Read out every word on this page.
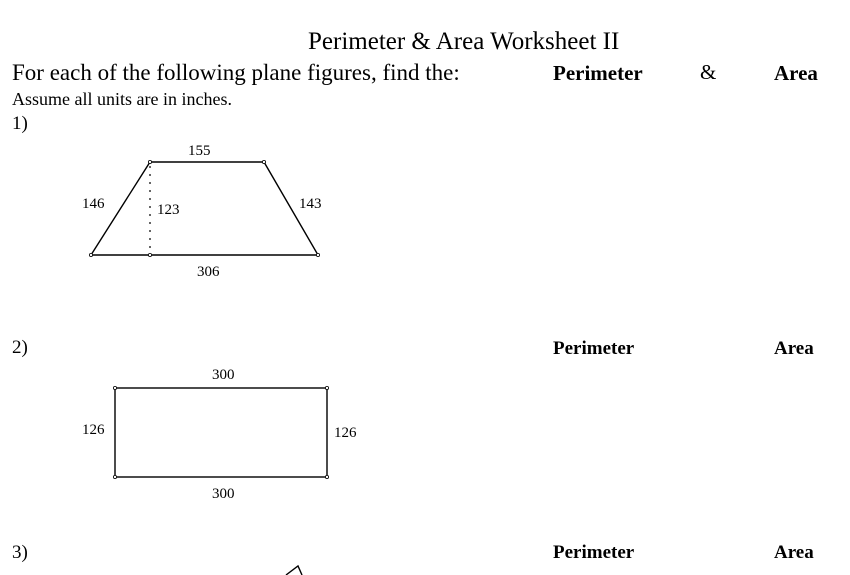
Perimeter & Area Worksheet II
For each of the following plane figures, find the:	Perimeter	&	Area
Assume all units are in inches.
1)
2)
3)
Perimeter	Area
Perimeter	Area
155
146	123	143
306
300
126	126
300
